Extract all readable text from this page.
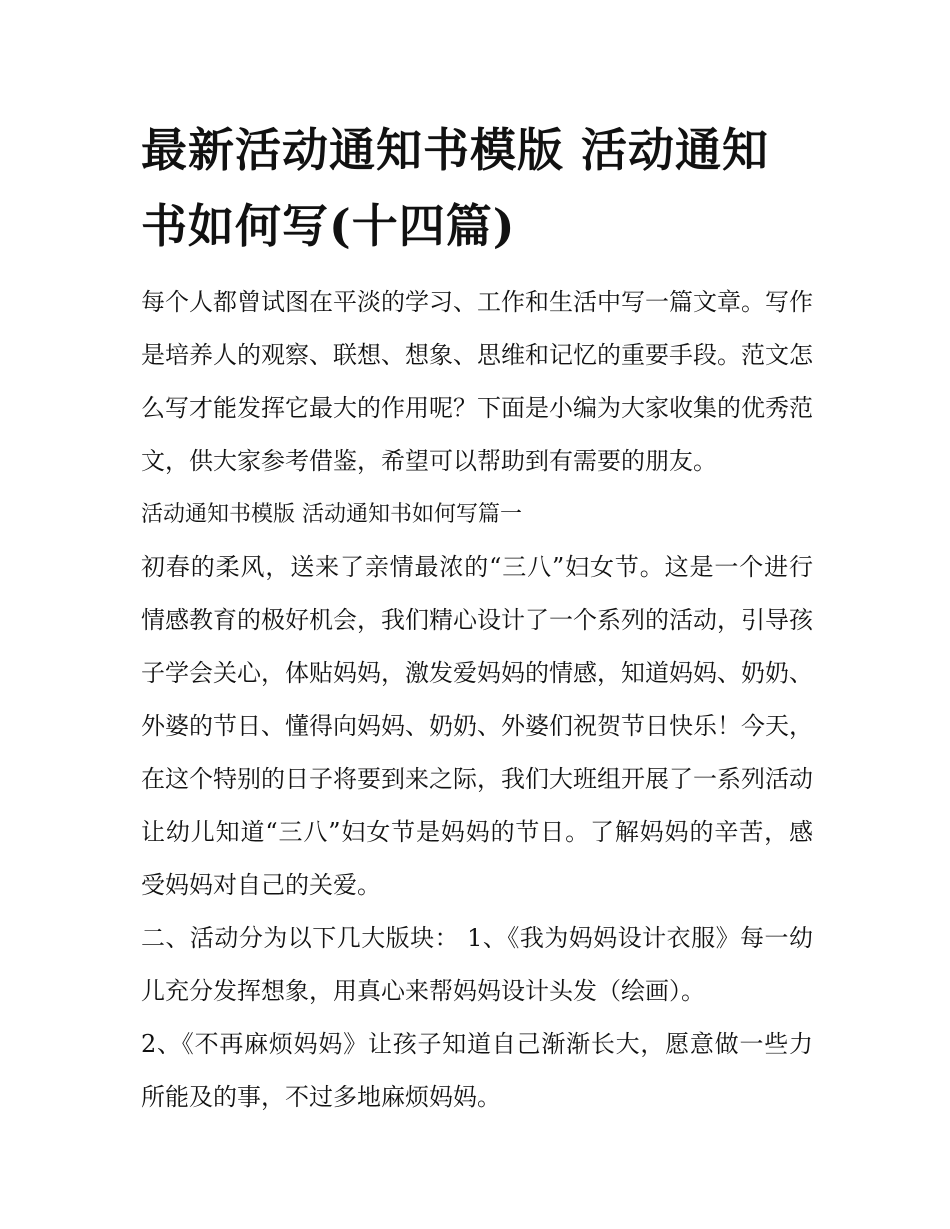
最新活动通知书模版 活动通知书如何写(十四篇)

每个人都曾试图在平淡的学习、工作和生活中写一篇文章。写作是培养人的观察、联想、想象、思维和记忆的重要手段。范文怎么写才能发挥它最大的作用呢？下面是小编为大家收集的优秀范文，供大家参考借鉴，希望可以帮助到有需要的朋友。

活动通知书模版 活动通知书如何写篇一

初春的柔风，送来了亲情最浓的“三八”妇女节。这是一个进行情感教育的极好机会，我们精心设计了一个系列的活动，引导孩子学会关心，体贴妈妈，激发爱妈妈的情感，知道妈妈、奶奶、外婆的节日、懂得向妈妈、奶奶、外婆们祝贺节日快乐！今天，在这个特别的日子将要到来之际，我们大班组开展了一系列活动让幼儿知道“三八”妇女节是妈妈的节日。了解妈妈的辛苦，感受妈妈对自己的关爱。

二、活动分为以下几大版块： 1、《我为妈妈设计衣服》每一幼儿充分发挥想象，用真心来帮妈妈设计头发（绘画）。

2、《不再麻烦妈妈》让孩子知道自己渐渐长大，愿意做一些力所能及的事，不过多地麻烦妈妈。
